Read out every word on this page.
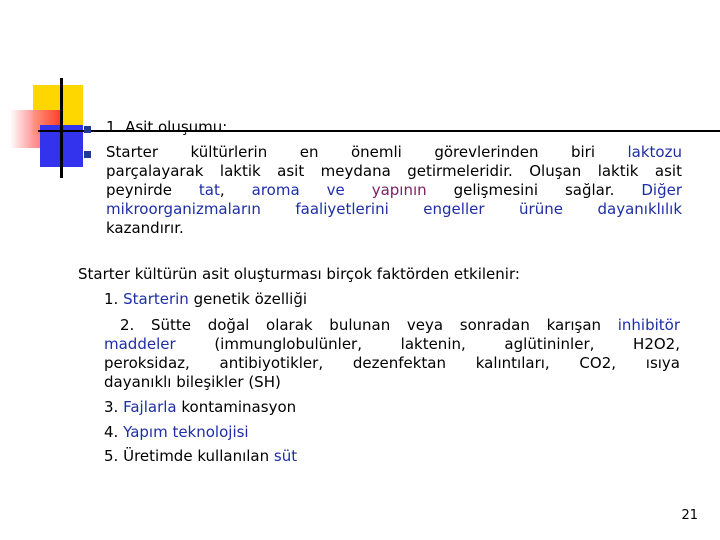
1. Asit oluşumu:
Starter kültürlerin en önemli görevlerinden biri laktozu
parçalayarak laktik asit meydana getirmeleridir. Oluşan laktik asit
peynirde tat, aroma ve yapının gelişmesini sağlar. Diğer
mikroorganizmaların faaliyetlerini engeller ürüne dayanıklılık
kazandırır.
Starter kültürün asit oluşturması birçok faktörden etkilenir:
1. Starterin genetik özelliği
2. Sütte doğal olarak bulunan veya sonradan karışan inhibitör
maddeler (immunglobulünler, laktenin, aglütininler, H2O2,
peroksidaz, antibiyotikler, dezenfektan kalıntıları, CO2, ısıya
dayanıklı bileşikler (SH)
3. Fajlarla kontaminasyon
4. Yapım teknolojisi
5. Üretimde kullanılan süt
21
